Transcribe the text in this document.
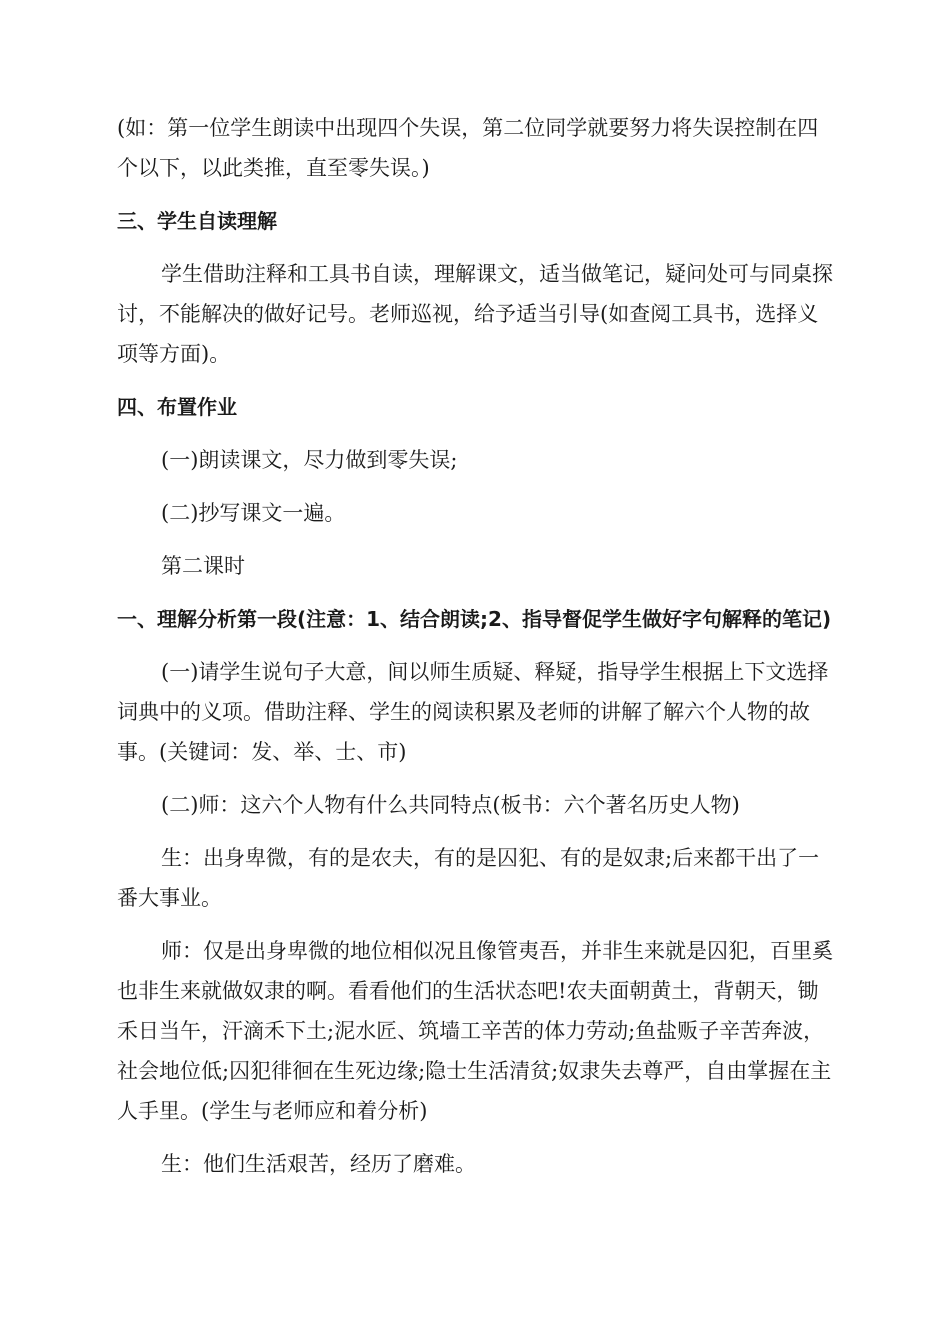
(如：第一位学生朗读中出现四个失误，第二位同学就要努力将失误控制在四个以下，以此类推，直至零失误。)

三、学生自读理解

学生借助注释和工具书自读，理解课文，适当做笔记，疑问处可与同桌探讨，不能解决的做好记号。老师巡视，给予适当引导(如查阅工具书，选择义项等方面)。

四、布置作业

(一)朗读课文，尽力做到零失误;

(二)抄写课文一遍。

第二课时

一、理解分析第一段(注意：1、结合朗读;2、指导督促学生做好字句解释的笔记)

(一)请学生说句子大意，间以师生质疑、释疑，指导学生根据上下文选择词典中的义项。借助注释、学生的阅读积累及老师的讲解了解六个人物的故事。(关键词：发、举、士、市)

(二)师：这六个人物有什么共同特点(板书：六个著名历史人物)

生：出身卑微，有的是农夫，有的是囚犯、有的是奴隶;后来都干出了一番大事业。

师：仅是出身卑微的地位相似况且像管夷吾，并非生来就是囚犯，百里奚也非生来就做奴隶的啊。看看他们的生活状态吧!农夫面朝黄土，背朝天，锄禾日当午，汗滴禾下土;泥水匠、筑墙工辛苦的体力劳动;鱼盐贩子辛苦奔波，社会地位低;囚犯徘徊在生死边缘;隐士生活清贫;奴隶失去尊严，自由掌握在主人手里。(学生与老师应和着分析)

生：他们生活艰苦，经历了磨难。
